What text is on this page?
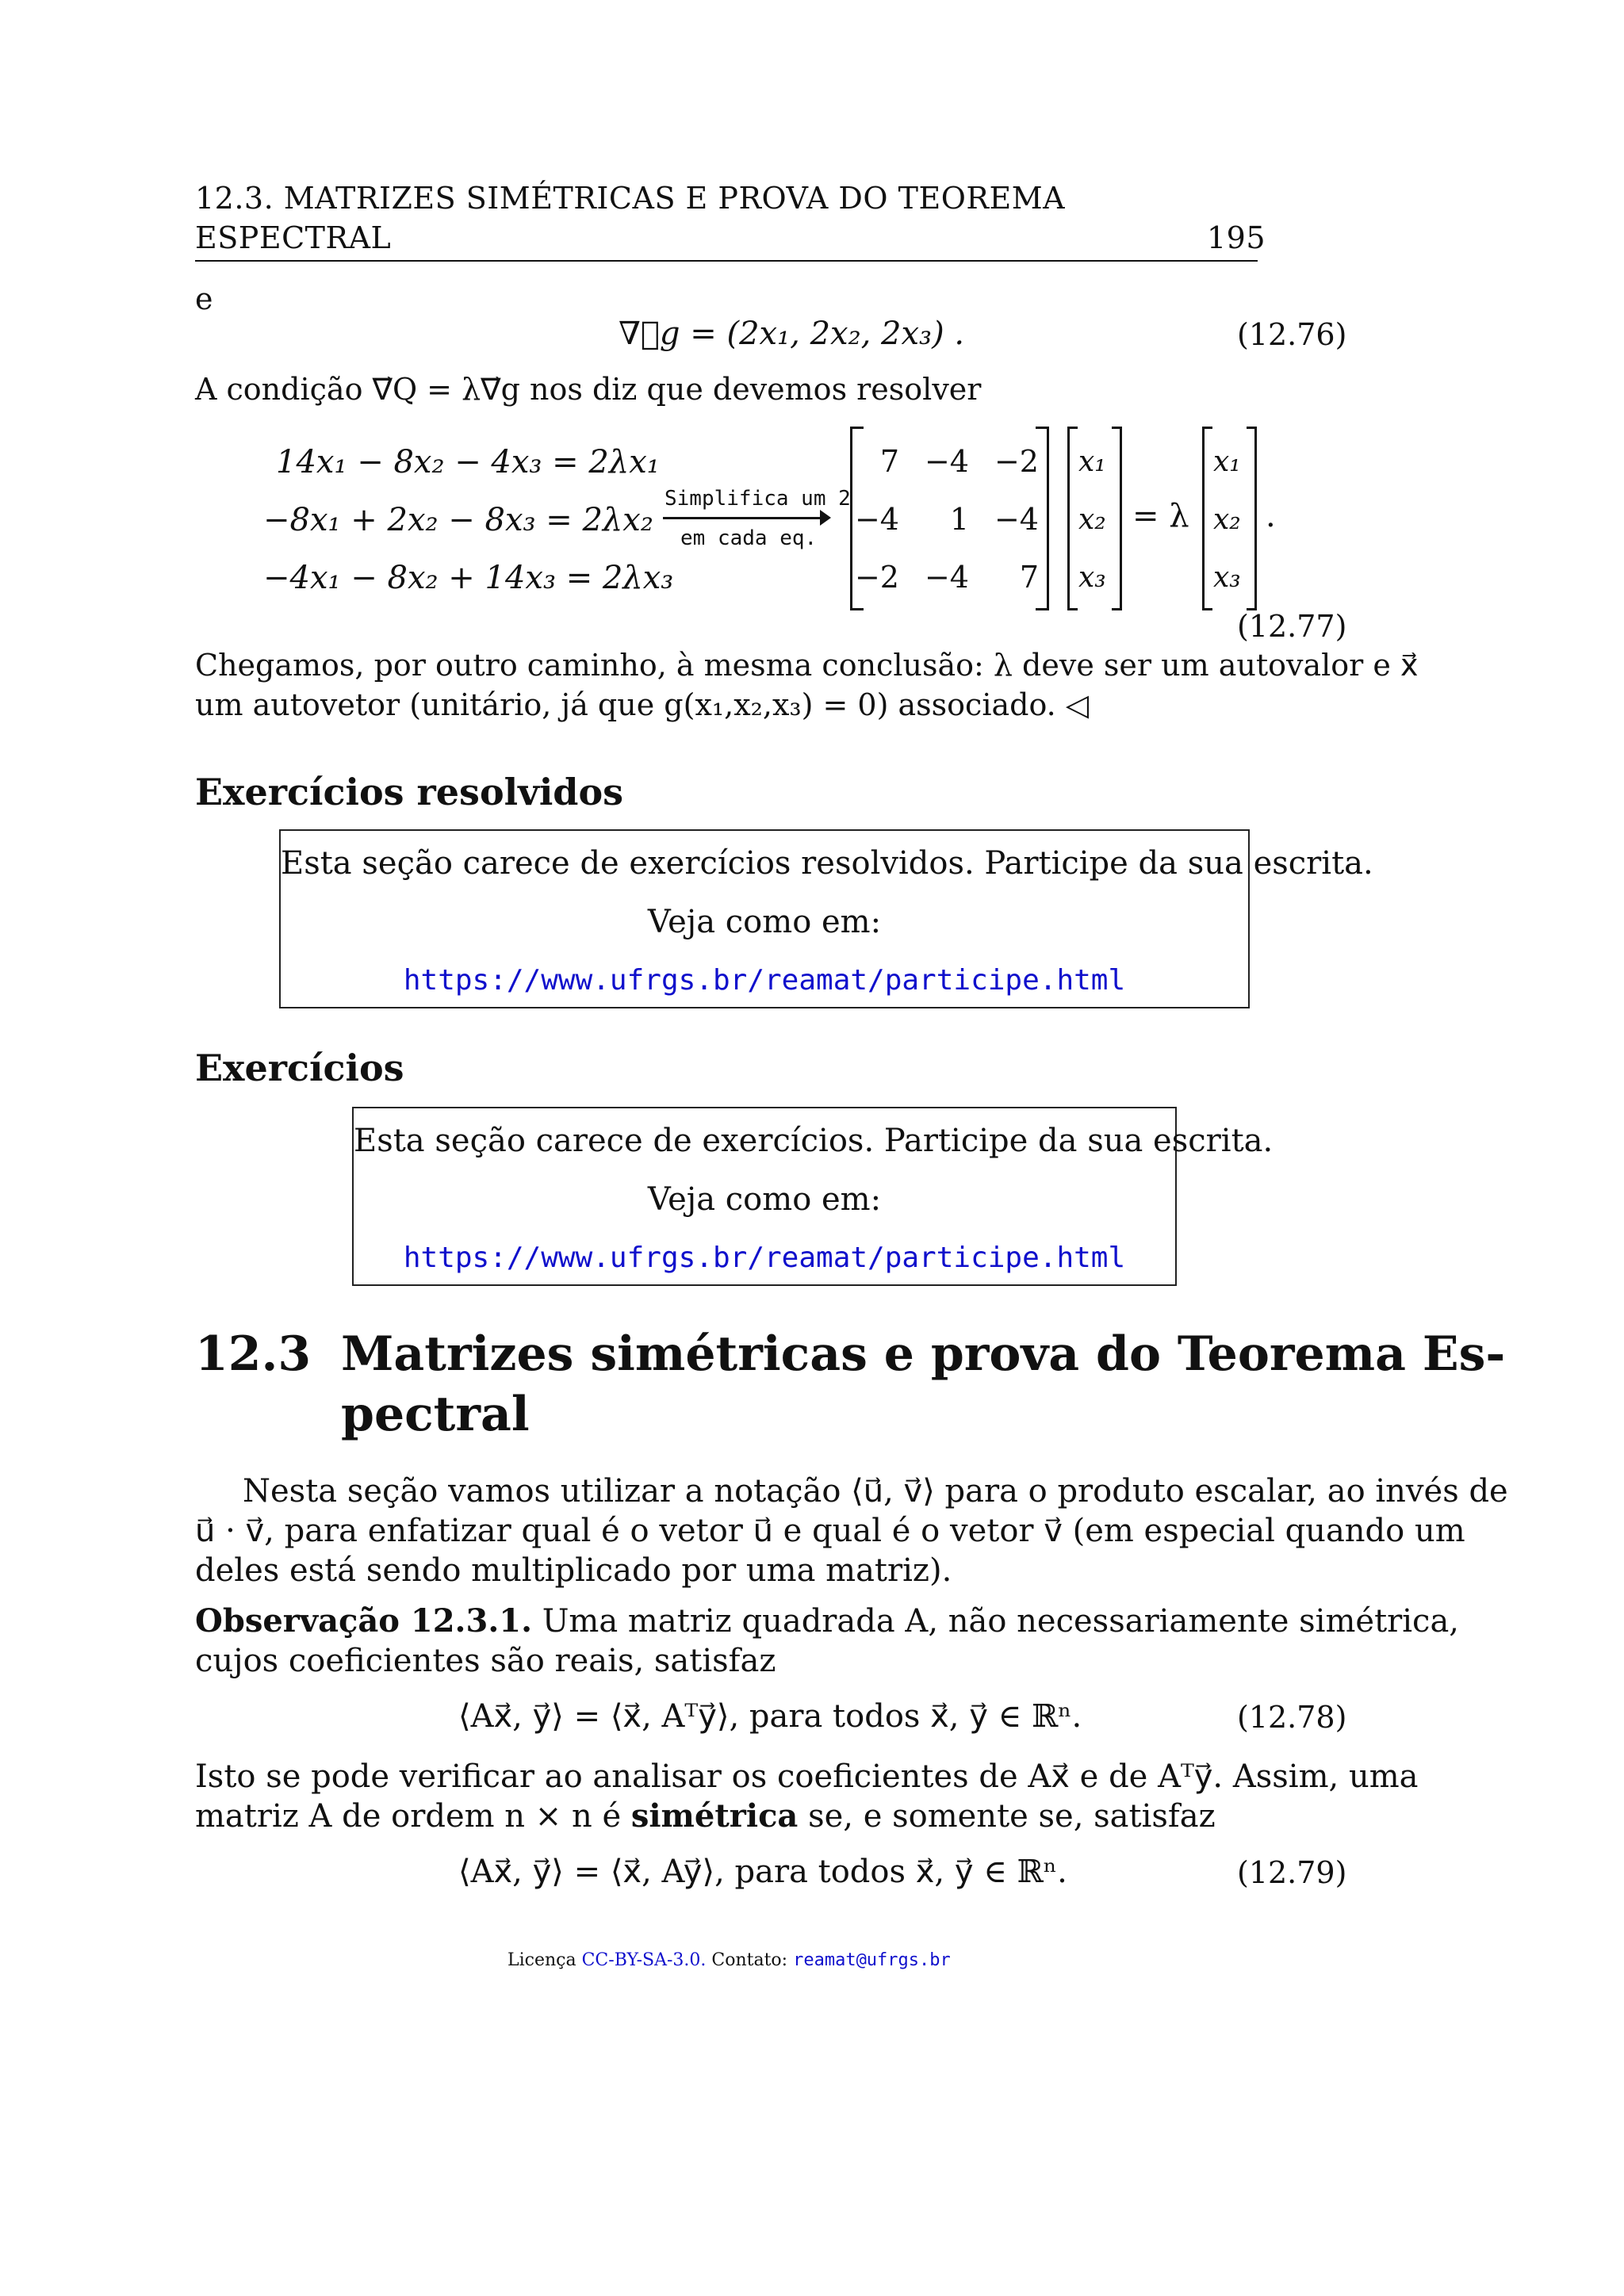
12.3. MATRIZES SIMÉTRICAS E PROVA DO TEOREMA
ESPECTRAL	195
e
∇⃗g = (2x₁, 2x₂, 2x₃) .	(12.76)
A condição ∇⃗Q = λ∇⃗g nos diz que devemos resolver
14x₁ − 8x₂ − 4x₃ = 2λx₁
−8x₁ + 2x₂ − 8x₃ = 2λx₂
−4x₁ − 8x₂ + 14x₃ = 2λx₃
Simplifica um 2
em cada eq.
7 −4 −2
−4	1 −4
−2 −4	7
x₁
x₂
x₃
= λ
x₁
x₂
x₃
.
(12.77)
Chegamos, por outro caminho, à mesma conclusão: λ deve ser um autovalor e x⃗
um autovetor (unitário, já que g(x₁,x₂,x₃) = 0) associado. ◁
Exercícios resolvidos
Esta seção carece de exercícios resolvidos. Participe da sua escrita.
Veja como em:
https://www.ufrgs.br/reamat/participe.html
Exercícios
Esta seção carece de exercícios. Participe da sua escrita.
Veja como em:
https://www.ufrgs.br/reamat/participe.html
12.3 Matrizes simétricas e prova do Teorema Es-
pectral

Nesta seção vamos utilizar a notação ⟨u⃗, v⃗⟩ para o produto escalar, ao invés de

u⃗ · v⃗, para enfatizar qual é o vetor u⃗ e qual é o vetor v⃗ (em especial quando um

deles está sendo multiplicado por uma matriz).

Observação 12.3.1. Uma matriz quadrada A, não necessariamente simétrica,

cujos coeficientes são reais, satisfaz

⟨Ax⃗, y⃗⟩ = ⟨x⃗, Aᵀy⃗⟩, para todos x⃗, y⃗ ∈ ℝⁿ.	(12.78)

Isto se pode verificar ao analisar os coeficientes de Ax⃗ e de Aᵀy⃗. Assim, uma

matriz A de ordem n × n é simétrica se, e somente se, satisfaz

⟨Ax⃗, y⃗⟩ = ⟨x⃗, Ay⃗⟩, para todos x⃗, y⃗ ∈ ℝⁿ.	(12.79)
Licença CC-BY-SA-3.0. Contato: reamat@ufrgs.br
